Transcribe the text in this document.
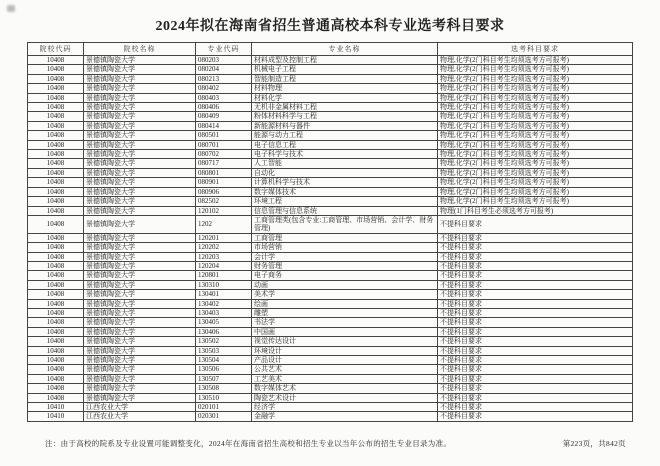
2024年拟在海南省招生普通高校本科专业选考科目要求
院校代码	院校名称	专业代码	专业名称	选考科目要求
10408	景德镇陶瓷大学	080203	材料成型及控制工程	物理,化学(2门科目考生均须选考方可报考)
10408	景德镇陶瓷大学	080204	机械电子工程	物理,化学(2门科目考生均须选考方可报考)
10408	景德镇陶瓷大学	080213	智能制造工程	物理,化学(2门科目考生均须选考方可报考)
10408	景德镇陶瓷大学	080402	材料物理	物理,化学(2门科目考生均须选考方可报考)
10408	景德镇陶瓷大学	080403	材料化学	物理,化学(2门科目考生均须选考方可报考)
10408	景德镇陶瓷大学	080406	无机非金属材料工程	物理,化学(2门科目考生均须选考方可报考)
10408	景德镇陶瓷大学	080409	粉体材料科学与工程	物理,化学(2门科目考生均须选考方可报考)
10408	景德镇陶瓷大学	080414	新能源材料与器件	物理,化学(2门科目考生均须选考方可报考)
10408	景德镇陶瓷大学	080501	能源与动力工程	物理,化学(2门科目考生均须选考方可报考)
10408	景德镇陶瓷大学	080701	电子信息工程	物理,化学(2门科目考生均须选考方可报考)
10408	景德镇陶瓷大学	080702	电子科学与技术	物理,化学(2门科目考生均须选考方可报考)
10408	景德镇陶瓷大学	080717	人工智能	物理,化学(2门科目考生均须选考方可报考)
10408	景德镇陶瓷大学	080801	自动化	物理,化学(2门科目考生均须选考方可报考)
10408	景德镇陶瓷大学	080901	计算机科学与技术	物理,化学(2门科目考生均须选考方可报考)
10408	景德镇陶瓷大学	080906	数字媒体技术	物理,化学(2门科目考生均须选考方可报考)
10408	景德镇陶瓷大学	082502	环境工程	物理,化学(2门科目考生均须选考方可报考)
10408	景德镇陶瓷大学	120102	信息管理与信息系统	物理(1门科目考生必须选考方可报考)
10408	景德镇陶瓷大学	1202	工商管理类(包含专业:工商管理、市场营销、会计学、财务管理)	不提科目要求
10408	景德镇陶瓷大学	120201	工商管理	不提科目要求
10408	景德镇陶瓷大学	120202	市场营销	不提科目要求
10408	景德镇陶瓷大学	120203	会计学	不提科目要求
10408	景德镇陶瓷大学	120204	财务管理	不提科目要求
10408	景德镇陶瓷大学	120801	电子商务	不提科目要求
10408	景德镇陶瓷大学	130310	动画	不提科目要求
10408	景德镇陶瓷大学	130401	美术学	不提科目要求
10408	景德镇陶瓷大学	130402	绘画	不提科目要求
10408	景德镇陶瓷大学	130403	雕塑	不提科目要求
10408	景德镇陶瓷大学	130405	书法学	不提科目要求
10408	景德镇陶瓷大学	130406	中国画	不提科目要求
10408	景德镇陶瓷大学	130502	视觉传达设计	不提科目要求
10408	景德镇陶瓷大学	130503	环境设计	不提科目要求
10408	景德镇陶瓷大学	130504	产品设计	不提科目要求
10408	景德镇陶瓷大学	130506	公共艺术	不提科目要求
10408	景德镇陶瓷大学	130507	工艺美术	不提科目要求
10408	景德镇陶瓷大学	130508	数字媒体艺术	不提科目要求
10408	景德镇陶瓷大学	130510	陶瓷艺术设计	不提科目要求
10410	江西农业大学	020101	经济学	不提科目要求
10410	江西农业大学	020301	金融学	不提科目要求
注：由于高校的院系及专业设置可能调整变化，2024年在海南省招生高校和招生专业以当年公布的招生专业目录为准。	第223页，共842页
